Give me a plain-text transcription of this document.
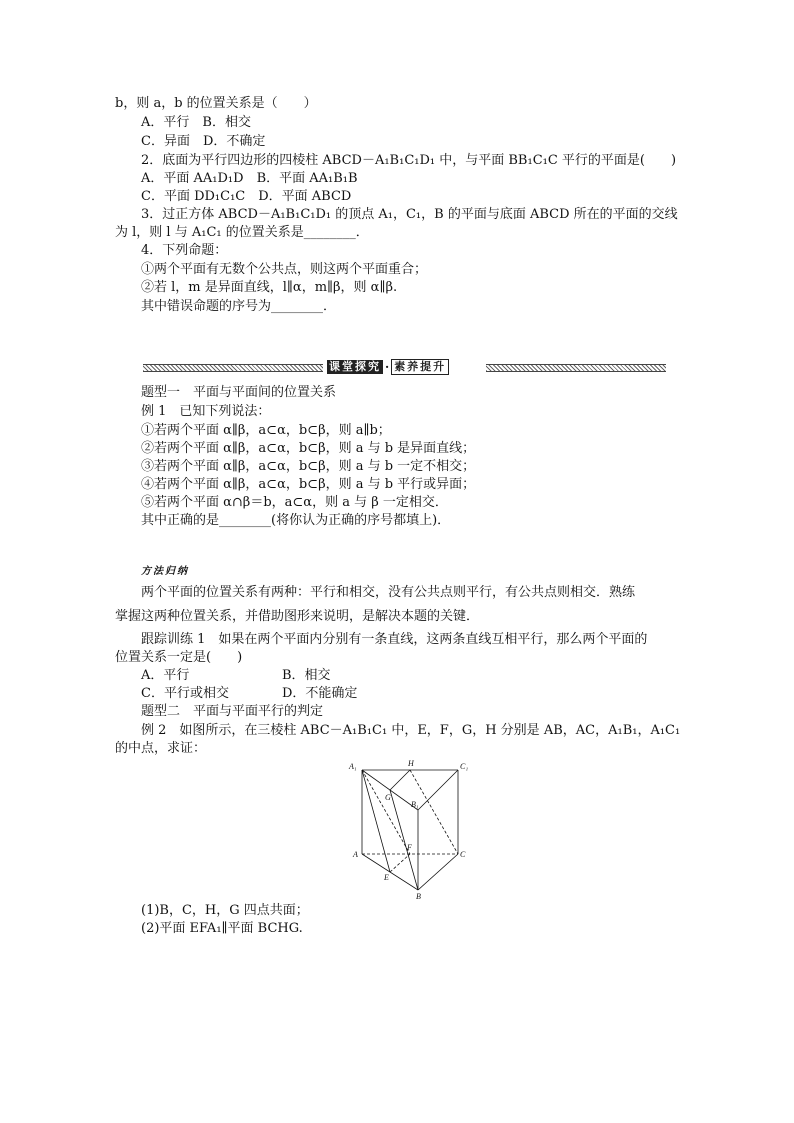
b，则 a，b 的位置关系是（　　）
A．平行　B．相交
C．异面　D．不确定
2．底面为平行四边形的四棱柱 ABCD－A₁B₁C₁D₁ 中，与平面 BB₁C₁C 平行的平面是(　　)
A．平面 AA₁D₁D　B．平面 AA₁B₁B
C．平面 DD₁C₁C　D．平面 ABCD
3．过正方体 ABCD－A₁B₁C₁D₁ 的顶点 A₁，C₁，B 的平面与底面 ABCD 所在的平面的交线
为 l，则 l 与 A₁C₁ 的位置关系是________．
4．下列命题：
①两个平面有无数个公共点，则这两个平面重合；
②若 l，m 是异面直线，l∥α，m∥β，则 α∥β.
其中错误命题的序号为________．
课堂探究 · 素养提升
题型一　平面与平面间的位置关系
例 1　已知下列说法：
①若两个平面 α∥β，a⊂α，b⊂β，则 a∥b；
②若两个平面 α∥β，a⊂α，b⊂β，则 a 与 b 是异面直线；
③若两个平面 α∥β，a⊂α，b⊂β，则 a 与 b 一定不相交；
④若两个平面 α∥β，a⊂α，b⊂β，则 a 与 b 平行或异面；
⑤若两个平面 α∩β＝b，a⊂α，则 a 与 β 一定相交．
其中正确的是________(将你认为正确的序号都填上)．
方法归纳
两个平面的位置关系有两种：平行和相交，没有公共点则平行，有公共点则相交．熟练
掌握这两种位置关系，并借助图形来说明，是解决本题的关键．
跟踪训练 1　如果在两个平面内分别有一条直线，这两条直线互相平行，那么两个平面的
位置关系一定是(　　)
A．平行	B．相交
C．平行或相交	D．不能确定
题型二　平面与平面平行的判定
例 2　如图所示，在三棱柱 ABC－A₁B₁C₁ 中，E，F，G，H 分别是 AB，AC，A₁B₁，A₁C₁
的中点，求证：
A₁	H	C₁
G
B₁
A
F
C
E
B
(1)B，C，H，G 四点共面；
(2)平面 EFA₁∥平面 BCHG.
